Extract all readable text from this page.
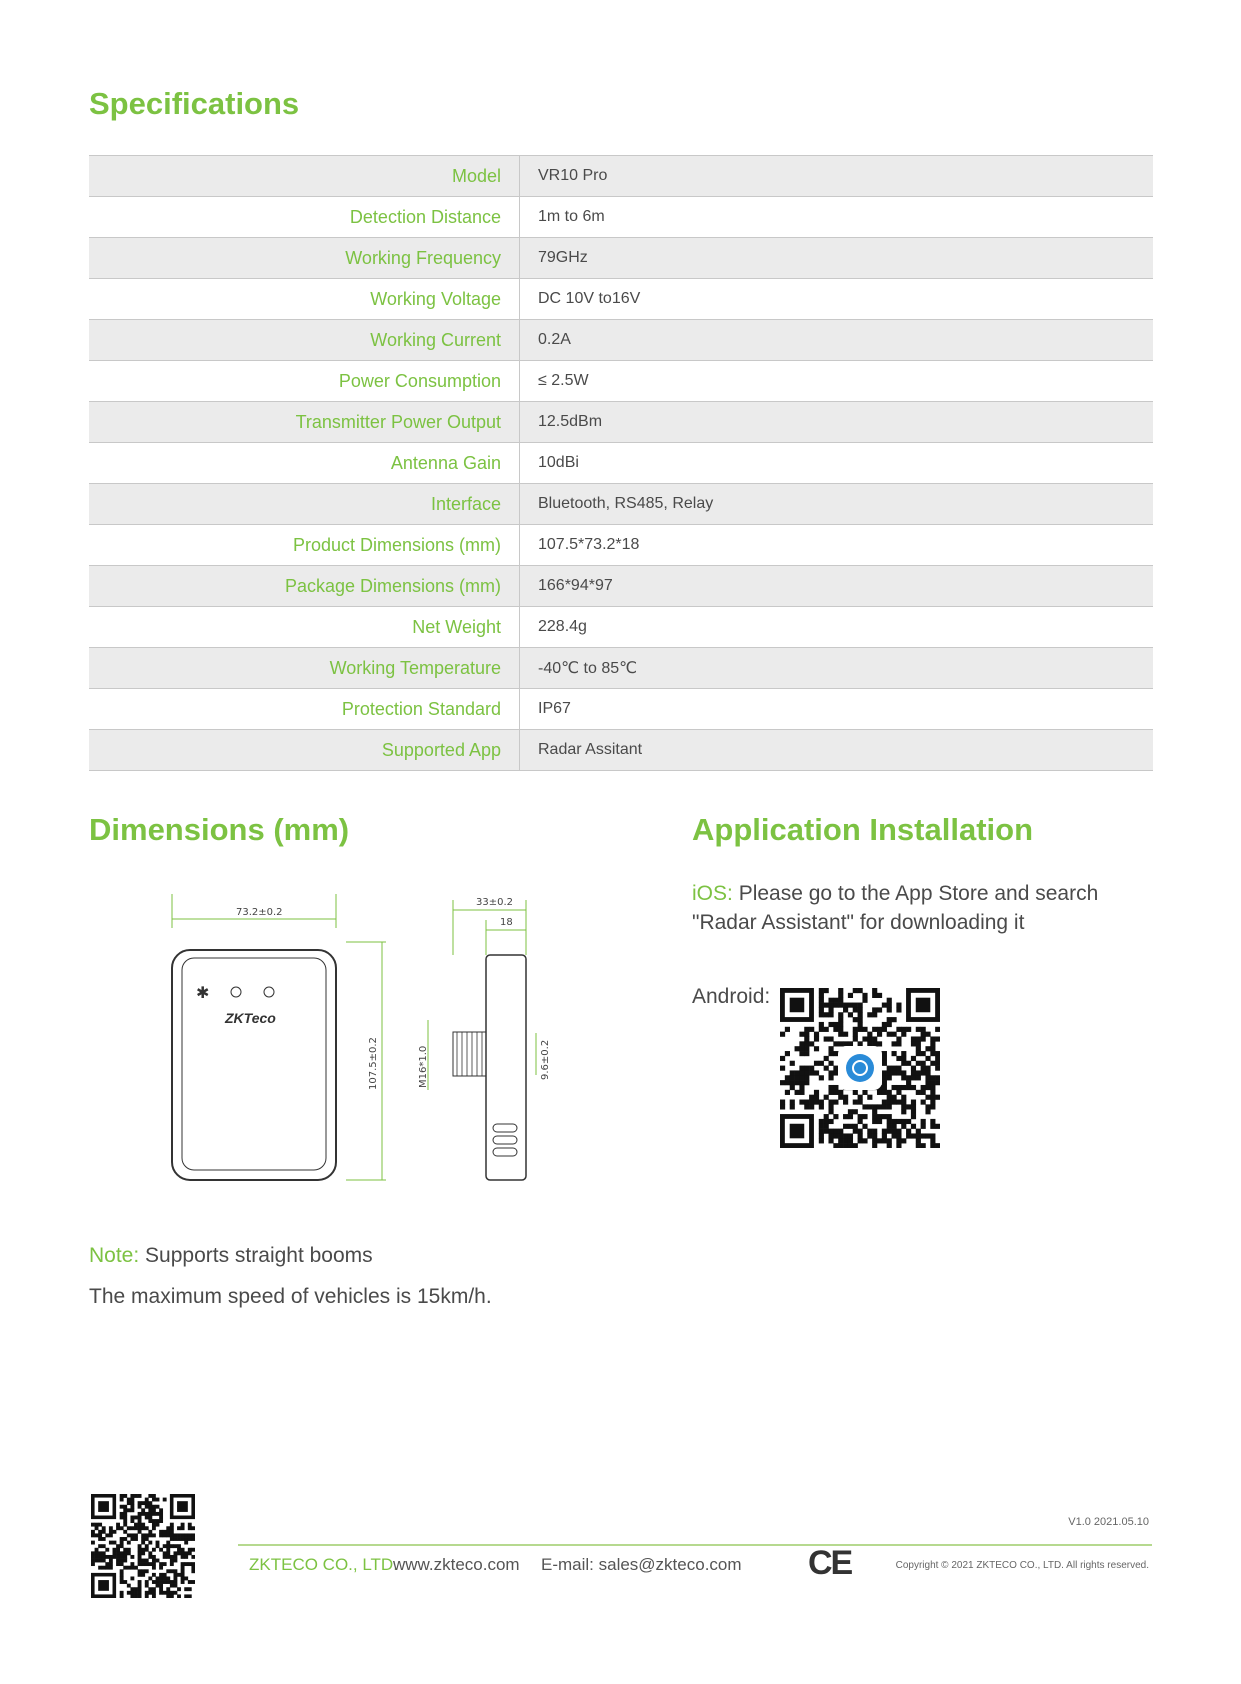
Specifications
Model	VR10 Pro
Detection Distance	1m to 6m
Working Frequency	79GHz
Working Voltage	DC 10V to16V
Working Current	0.2A
Power Consumption	≤ 2.5W
Transmitter Power Output	12.5dBm
Antenna Gain	10dBi
Interface	Bluetooth, RS485, Relay
Product Dimensions (mm)	107.5*73.2*18
Package Dimensions (mm)	166*94*97
Net Weight	228.4g
Working Temperature	-40℃ to 85℃
Protection Standard	IP67
Supported App	Radar Assitant
Dimensions (mm)
✱
ZKTeco
73.2±0.2
33±0.2
18
107.5±0.2	M16*1.0	9.6±0.2
Application Installation
iOS: Please go to the App Store and search "Radar Assistant" for downloading it
Android:
Note: Supports straight booms
The maximum speed of vehicles is 15km/h.
V1.0 2021.05.10
ZKTECO CO., LTD.
www.zkteco.com E-mail: sales@zkteco.com CE	Copyright © 2021 ZKTECO CO., LTD. All rights reserved.
